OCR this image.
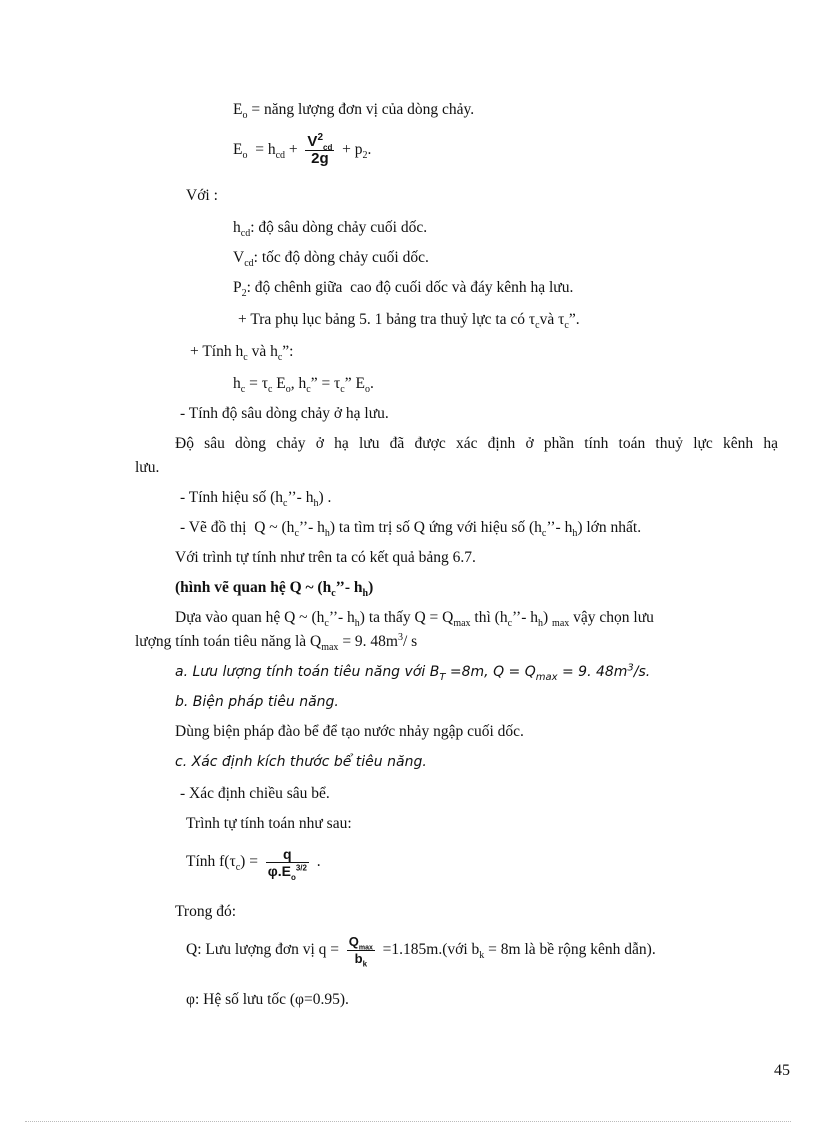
$E_o$ = năng lượng đơn vị của dòng chảy.
$E_o = h_{cd} + \frac{V^2_{cd}}{2g} + p_2$.
Với :
$h_{cd}$: độ sâu dòng chảy cuối dốc.
$V_{cd}$: tốc độ dòng chảy cuối dốc.
$P_2$: độ chênh giữa  cao độ cuối dốc và đáy kênh hạ lưu.
+ Tra phụ lục bảng 5. 1 bảng tra thuỷ lực ta có $\tau_cvà$ $\tau_c$”.
+ Tính $h_c$ và $h_c$”:
$h_c = \tau_c$ $E_o$, $h_c$” = $\tau_c$” $E_o$.
- Tính độ sâu dòng chảy ở hạ lưu.
Độ sâu dòng chảy ở hạ lưu đã được xác định ở phần tính toán thuỷ lực kênh hạ
lưu.
- Tính hiệu số ($h_c’’-$ $h_h$) .
- Vẽ đồ thị  Q ~ ($h_c’’-$ $h_h$) ta tìm trị số Q ứng với hiệu số ($h_c’’-$ $h_h$) lớn nhất.
Với trình tự tính như trên ta có kết quả bảng 6.7.
(hình vẽ quan hệ Q ~ ($h_c’’-$ $h_h$)
Dựa vào quan hệ Q ~ ($h_c’’-$ $h_h$) ta thấy $Q = Q_{max}$ thì ($h_c’’-$ $h_h$) $_{max}$ vậy chọn lưu
lượng tính toán tiêu năng là $Q_{max} = 9$. $48m^3/$ s
a. Lưu lượng tính toán tiêu năng với $B_T =8m$, $Q = Q_{max} = 9$. $48m^3/s$.
b. Biện pháp tiêu năng.
Dùng biện pháp đào bể để tạo nước nhảy ngập cuối dốc.
c. Xác định kích thước bể tiêu năng.
- Xác định chiều sâu bể.
Trình tự tính toán như sau:
Tính $f(\tau_c) = \frac{q}{\varphi.E_o^{3/2}}$ .
Trong đó:
Q: Lưu lượng đơn vị $q = \frac{Q_{max}}{b_k}$ =1.185m.(với $b_k = 8m$ là bề rộng kênh dẫn).
φ: Hệ số lưu tốc (φ=0.95).
45
